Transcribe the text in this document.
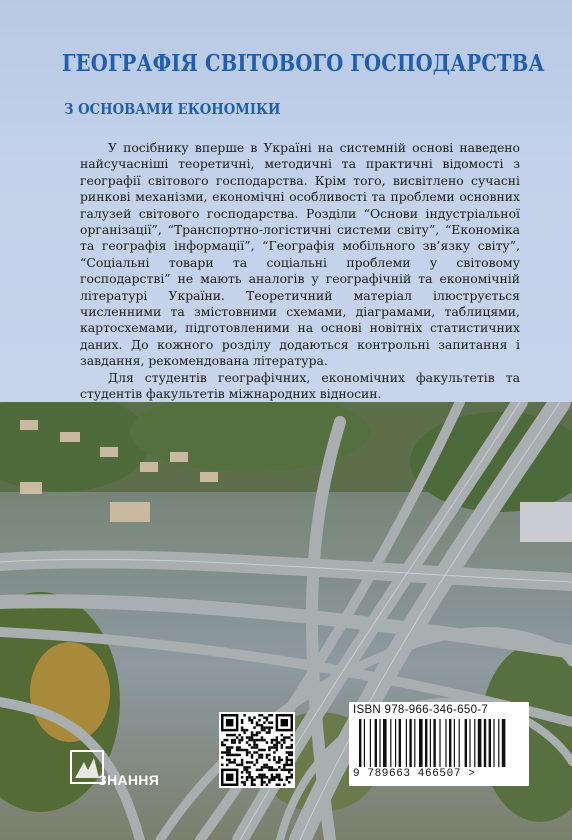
ГЕОГРАФІЯ СВІТОВОГО ГОСПОДАРСТВА
З ОСНОВАМИ ЕКОНОМІКИ

У посібнику вперше в Україні на системній основі наведено найсучасніші теоретичні, методичні та практичні відомості з географії світового господарства. Крім того, висвітлено сучасні ринкові механізми, економічні особливості та проблеми основних галузей світового господарства. Розділи “Основи індустріальної організації”, “Транспортно-логістичні системи світу”, “Економіка та географія інформації”, “Географія мобільного зв’язку світу”, “Соціальні товари та соціальні проблеми у світовому господарстві” не мають аналогів у географічній та економічній літературі України. Теоретичний матеріал ілюструється численними та змістовними схемами, діаграмами, таблицями, картосхемами, підготовленими на основі новітніх статистичних даних. До кожного розділу додаються контрольні запитання і завдання, рекомендована література.

Для студентів географічних, економічних факультетів та студентів факультетів міжнародних відносин.

ЗНАННЯ
ISBN 978-966-346-650-7
9 789663 466507 >
